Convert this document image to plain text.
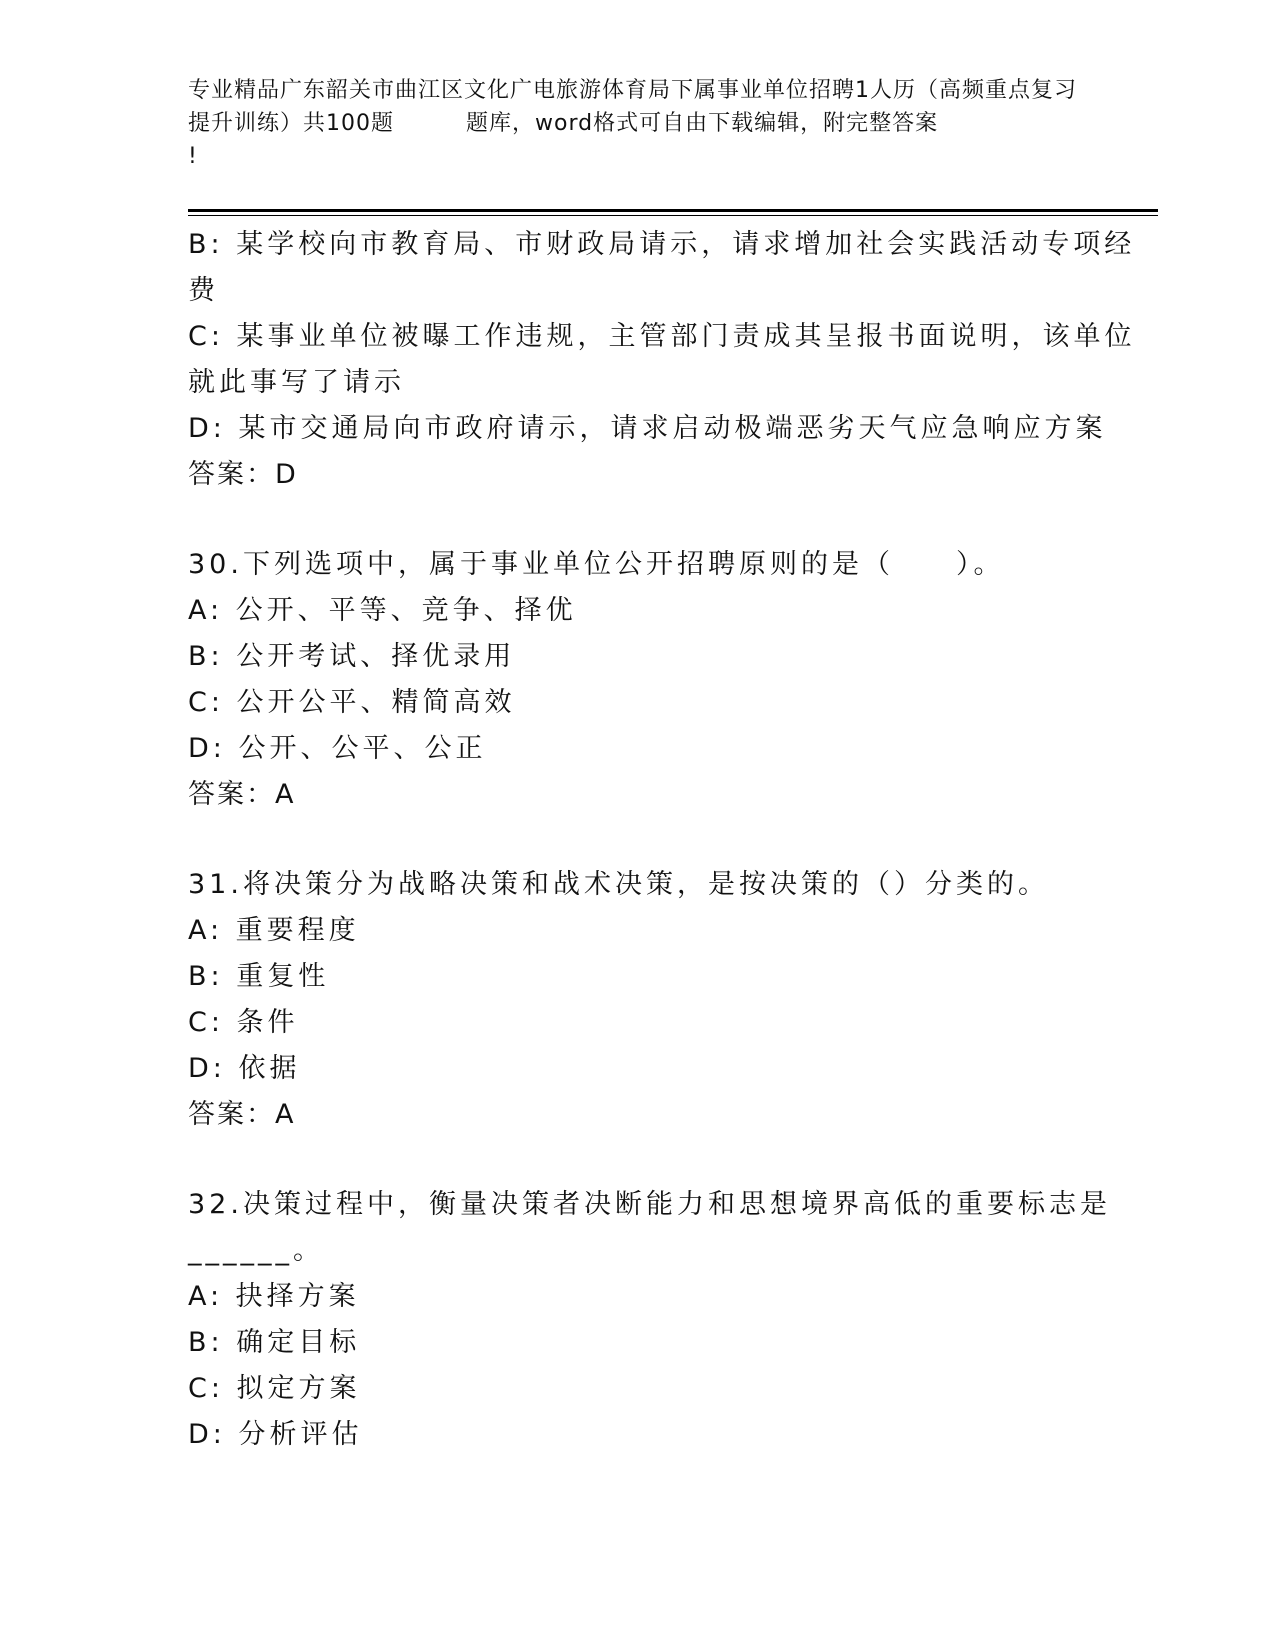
专业精品广东韶关市曲江区文化广电旅游体育局下属事业单位招聘1人历（高频重点复习提升训练）共100题	题库，word格式可自由下载编辑，附完整答案
!
B: 某学校向市教育局、市财政局请示，请求增加社会实践活动专项经
费
C: 某事业单位被曝工作违规，主管部门责成其呈报书面说明，该单位
就此事写了请示
D: 某市交通局向市政府请示，请求启动极端恶劣天气应急响应方案
答案：D
30.下列选项中，属于事业单位公开招聘原则的是（　　）。
A: 公开、平等、竞争、择优
B: 公开考试、择优录用
C: 公开公平、精简高效
D: 公开、公平、公正
答案：A
31.将决策分为战略决策和战术决策，是按决策的（）分类的。
A: 重要程度
B: 重复性
C: 条件
D: 依据
答案：A
32.决策过程中，衡量决策者决断能力和思想境界高低的重要标志是
______。
A: 抉择方案
B: 确定目标
C: 拟定方案
D: 分析评估
